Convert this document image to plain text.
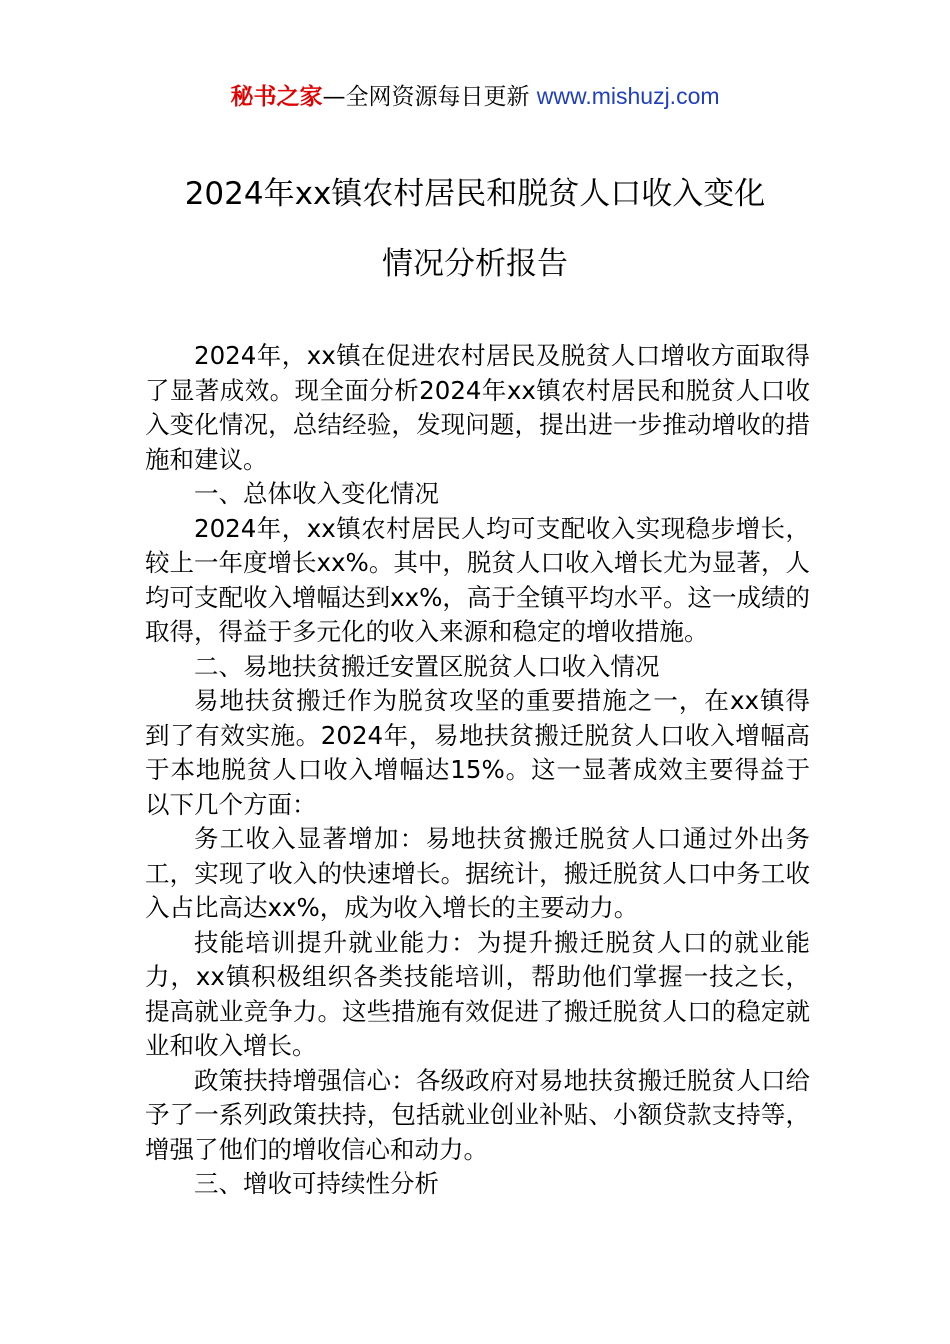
秘书之家—全网资源每日更新 www.mishuzj.com
2024年xx镇农村居民和脱贫人口收入变化
情况分析报告

2024年，xx镇在促进农村居民及脱贫人口增收方面取得了显著成效。现全面分析2024年xx镇农村居民和脱贫人口收入变化情况，总结经验，发现问题，提出进一步推动增收的措施和建议。

一、总体收入变化情况

2024年，xx镇农村居民人均可支配收入实现稳步增长，较上一年度增长xx%。其中，脱贫人口收入增长尤为显著，人均可支配收入增幅达到xx%，高于全镇平均水平。这一成绩的取得，得益于多元化的收入来源和稳定的增收措施。

二、易地扶贫搬迁安置区脱贫人口收入情况

易地扶贫搬迁作为脱贫攻坚的重要措施之一，在xx镇得到了有效实施。2024年，易地扶贫搬迁脱贫人口收入增幅高于本地脱贫人口收入增幅达15%。这一显著成效主要得益于以下几个方面：

务工收入显著增加：易地扶贫搬迁脱贫人口通过外出务工，实现了收入的快速增长。据统计，搬迁脱贫人口中务工收入占比高达xx%，成为收入增长的主要动力。

技能培训提升就业能力：为提升搬迁脱贫人口的就业能力，xx镇积极组织各类技能培训，帮助他们掌握一技之长，提高就业竞争力。这些措施有效促进了搬迁脱贫人口的稳定就业和收入增长。

政策扶持增强信心：各级政府对易地扶贫搬迁脱贫人口给予了一系列政策扶持，包括就业创业补贴、小额贷款支持等，增强了他们的增收信心和动力。

三、增收可持续性分析
